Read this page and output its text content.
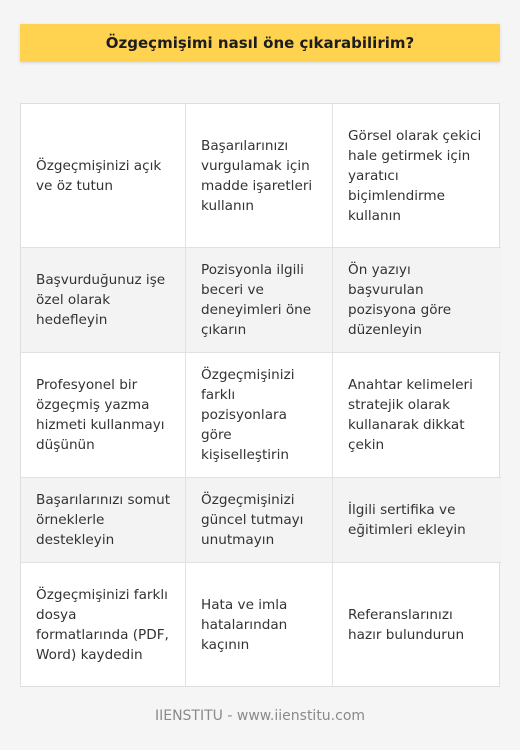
Özgeçmişimi nasıl öne çıkarabilirim?
Özgeçmişinizi açık ve öz tutun
Başarılarınızı vurgulamak için madde işaretleri kullanın
Görsel olarak çekici hale getirmek için yaratıcı biçimlendirme kullanın
Başvurduğunuz işe özel olarak hedefleyin
Pozisyonla ilgili beceri ve deneyimleri öne çıkarın
Ön yazıyı başvurulan pozisyona göre düzenleyin
Profesyonel bir özgeçmiş yazma hizmeti kullanmayı düşünün
Özgeçmişinizi farklı pozisyonlara göre kişiselleştirin
Anahtar kelimeleri stratejik olarak kullanarak dikkat çekin
Başarılarınızı somut örneklerle destekleyin
Özgeçmişinizi güncel tutmayı unutmayın
İlgili sertifika ve eğitimleri ekleyin
Özgeçmişinizi farklı dosya formatlarında (PDF, Word) kaydedin
Hata ve imla hatalarından kaçının
Referanslarınızı hazır bulundurun
IIENSTITU - www.iienstitu.com
